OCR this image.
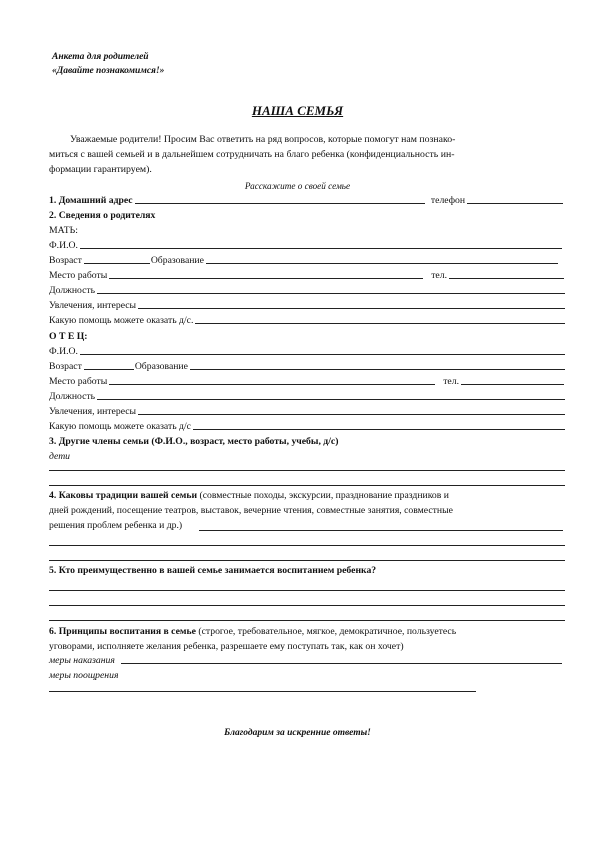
Анкета для родителей
«Давайте познакомимся!»
НАША СЕМЬЯ
Уважаемые родители! Просим Вас ответить на ряд вопросов, которые помогут нам познако-
миться с вашей семьей и в дальнейшем сотрудничать на благо ребенка (конфиденциальность ин-
формации гарантируем).
Расскажите о своей семье
1. Домашний адрес	телефон
2. Сведения о родителях
МАТЬ:
Ф.И.О.
Возраст	Образование
Место работы	тел.
Должность
Увлечения, интересы
Какую помощь можете оказать д/с.
О Т Е Ц:
Ф.И.О.
Возраст	Образование
Место работы	тел.
Должность
Увлечения, интересы
Какую помощь можете оказать д/с
3. Другие члены семьи (Ф.И.О., возраст, место работы, учебы, д/с)
дети
4. Каковы традиции вашей семьи (совместные походы, экскурсии, празднование праздников и
дней рождений, посещение театров, выставок, вечерние чтения, совместные занятия, совместные
решения проблем ребенка и др.)
5. Кто преимущественно в вашей семье занимается воспитанием ребенка?
6. Принципы воспитания в семье (строгое, требовательное, мягкое, демократичное, пользуетесь
уговорами, исполняете желания ребенка, разрешаете ему поступать так, как он хочет)
меры наказания
меры поощрения
Благодарим за искренние ответы!
